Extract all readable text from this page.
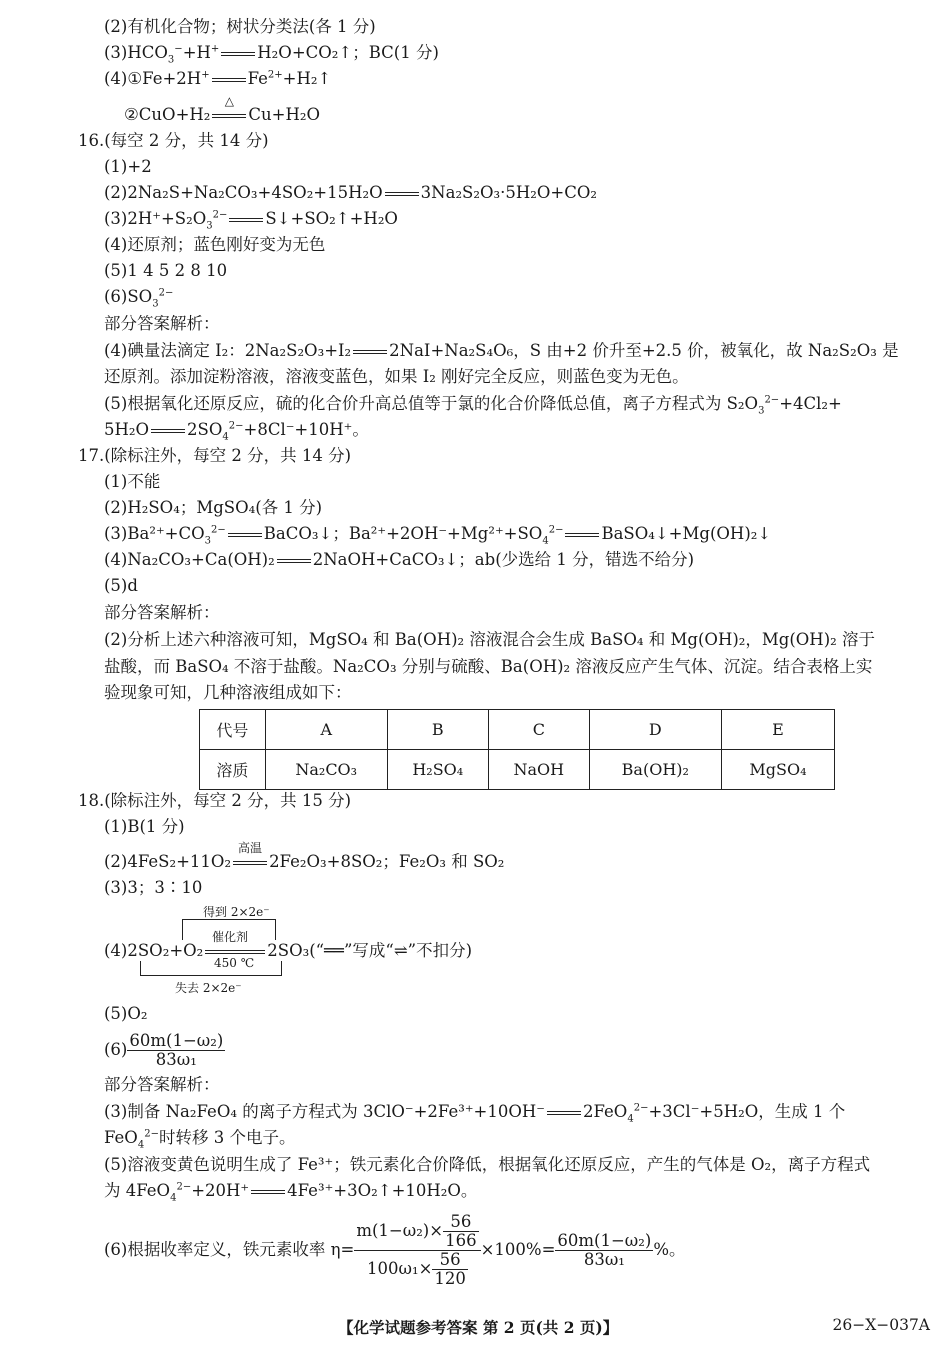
(2)有机化合物；树状分类法(各 1 分)
$(3)HCO_3^-+H^+$ H₂O+CO₂↑；BC(1 分)
(4)①Fe+2H+ $Fe^{2+}+H_2↑$
②CuO+H₂
△
Cu+H₂O
16.(每空 2 分，共 14 分)
(1)+2
(2)2Na₂S+Na₂CO₃+4SO₂+15H₂O 3Na₂S₂O₃·5H₂O+CO₂
$(3)2H^++S_2O_3^{2-}$ S↓+SO₂↑+H₂O
(4)还原剂；蓝色刚好变为无色
(5)1 4 5 2 8 10
$(6)SO_3^{2-}$
部分答案解析：
(4)碘量法滴定 I₂：2Na₂S₂O₃+I₂ 2NaI+Na₂S₄O₆，S 由+2 价升至+2.5 价，被氧化，故 Na₂S₂O₃ 是
还原剂。添加淀粉溶液，溶液变蓝色，如果 I₂ 刚好完全反应，则蓝色变为无色。
(5)根据氧化还原反应，硫的化合价升高总值等于氯的化合价降低总值，离子方程式为 $S_2O_3^{2-}+4Cl_2+$
5H₂O $2SO_4^{2-}+8Cl^-+10H^+$。
17.(除标注外，每空 2 分，共 14 分)
(1)不能
(2)H₂SO₄；MgSO₄(各 1 分)
$(3)Ba^{2+}+CO_3^{2-}$ BaCO₃↓；$Ba^{2+}+2OH^-+Mg^{2+}+SO_4^{2-}$ BaSO₄↓+Mg(OH)₂↓
(4)Na₂CO₃+Ca(OH)₂ 2NaOH+CaCO₃↓；ab(少选给 1 分，错选不给分)
(5)d
部分答案解析：
(2)分析上述六种溶液可知，MgSO₄ 和 Ba(OH)₂ 溶液混合会生成 BaSO₄ 和 Mg(OH)₂，Mg(OH)₂ 溶于
盐酸，而 BaSO₄ 不溶于盐酸。Na₂CO₃ 分别与硫酸、Ba(OH)₂ 溶液反应产生气体、沉淀。结合表格上实
验现象可知，几种溶液组成如下：
代号	A	B	C	D	E
溶质	Na₂CO₃	H₂SO₄	NaOH	Ba(OH)₂	MgSO₄
18.(除标注外，每空 2 分，共 15 分)
(1)B(1 分)
(2)4FeS₂+11O₂
高温
2Fe₂O₃+8SO₂；Fe₂O₃ 和 SO₂
(3)3；3∶10
得到 2×2e⁻
催化剂
450 ℃
(4)2SO₂+O₂	2SO₃(“══”写成“⇌”不扣分)
失去 2×2e⁻
(5)O₂
$(6) \frac{\text{60m(1−ω₂)}}{\text{83ω₁}}$
部分答案解析：
(3)制备 Na₂FeO₄ 的离子方程式为 3ClO⁻+2Fe³⁺+10OH⁻ 2FeO$_4^{2-}$+3Cl⁻+5H₂O，生成 1 个
FeO$_4^{2-}$时转移 3 个电子。
(5)溶液变黄色说明生成了 Fe³⁺；铁元素化合价降低，根据氧化还原反应，产生的气体是 O₂，离子方程式
为 4FeO$_4^{2-}$+20H⁺ 4Fe³⁺+3O₂↑+10H₂O。
(6)根据收率定义，铁元素收率 $\eta= \frac{m(1-\omega_2)\times \frac{56}{166}}{100\omega_1\times \frac{56}{120}} \times 100\%= \frac{\text{60m(1−ω₂)}}{\text{83ω₁}}$ %。
【化学试题参考答案 第 2 页(共 2 页)】	26−X−037A
